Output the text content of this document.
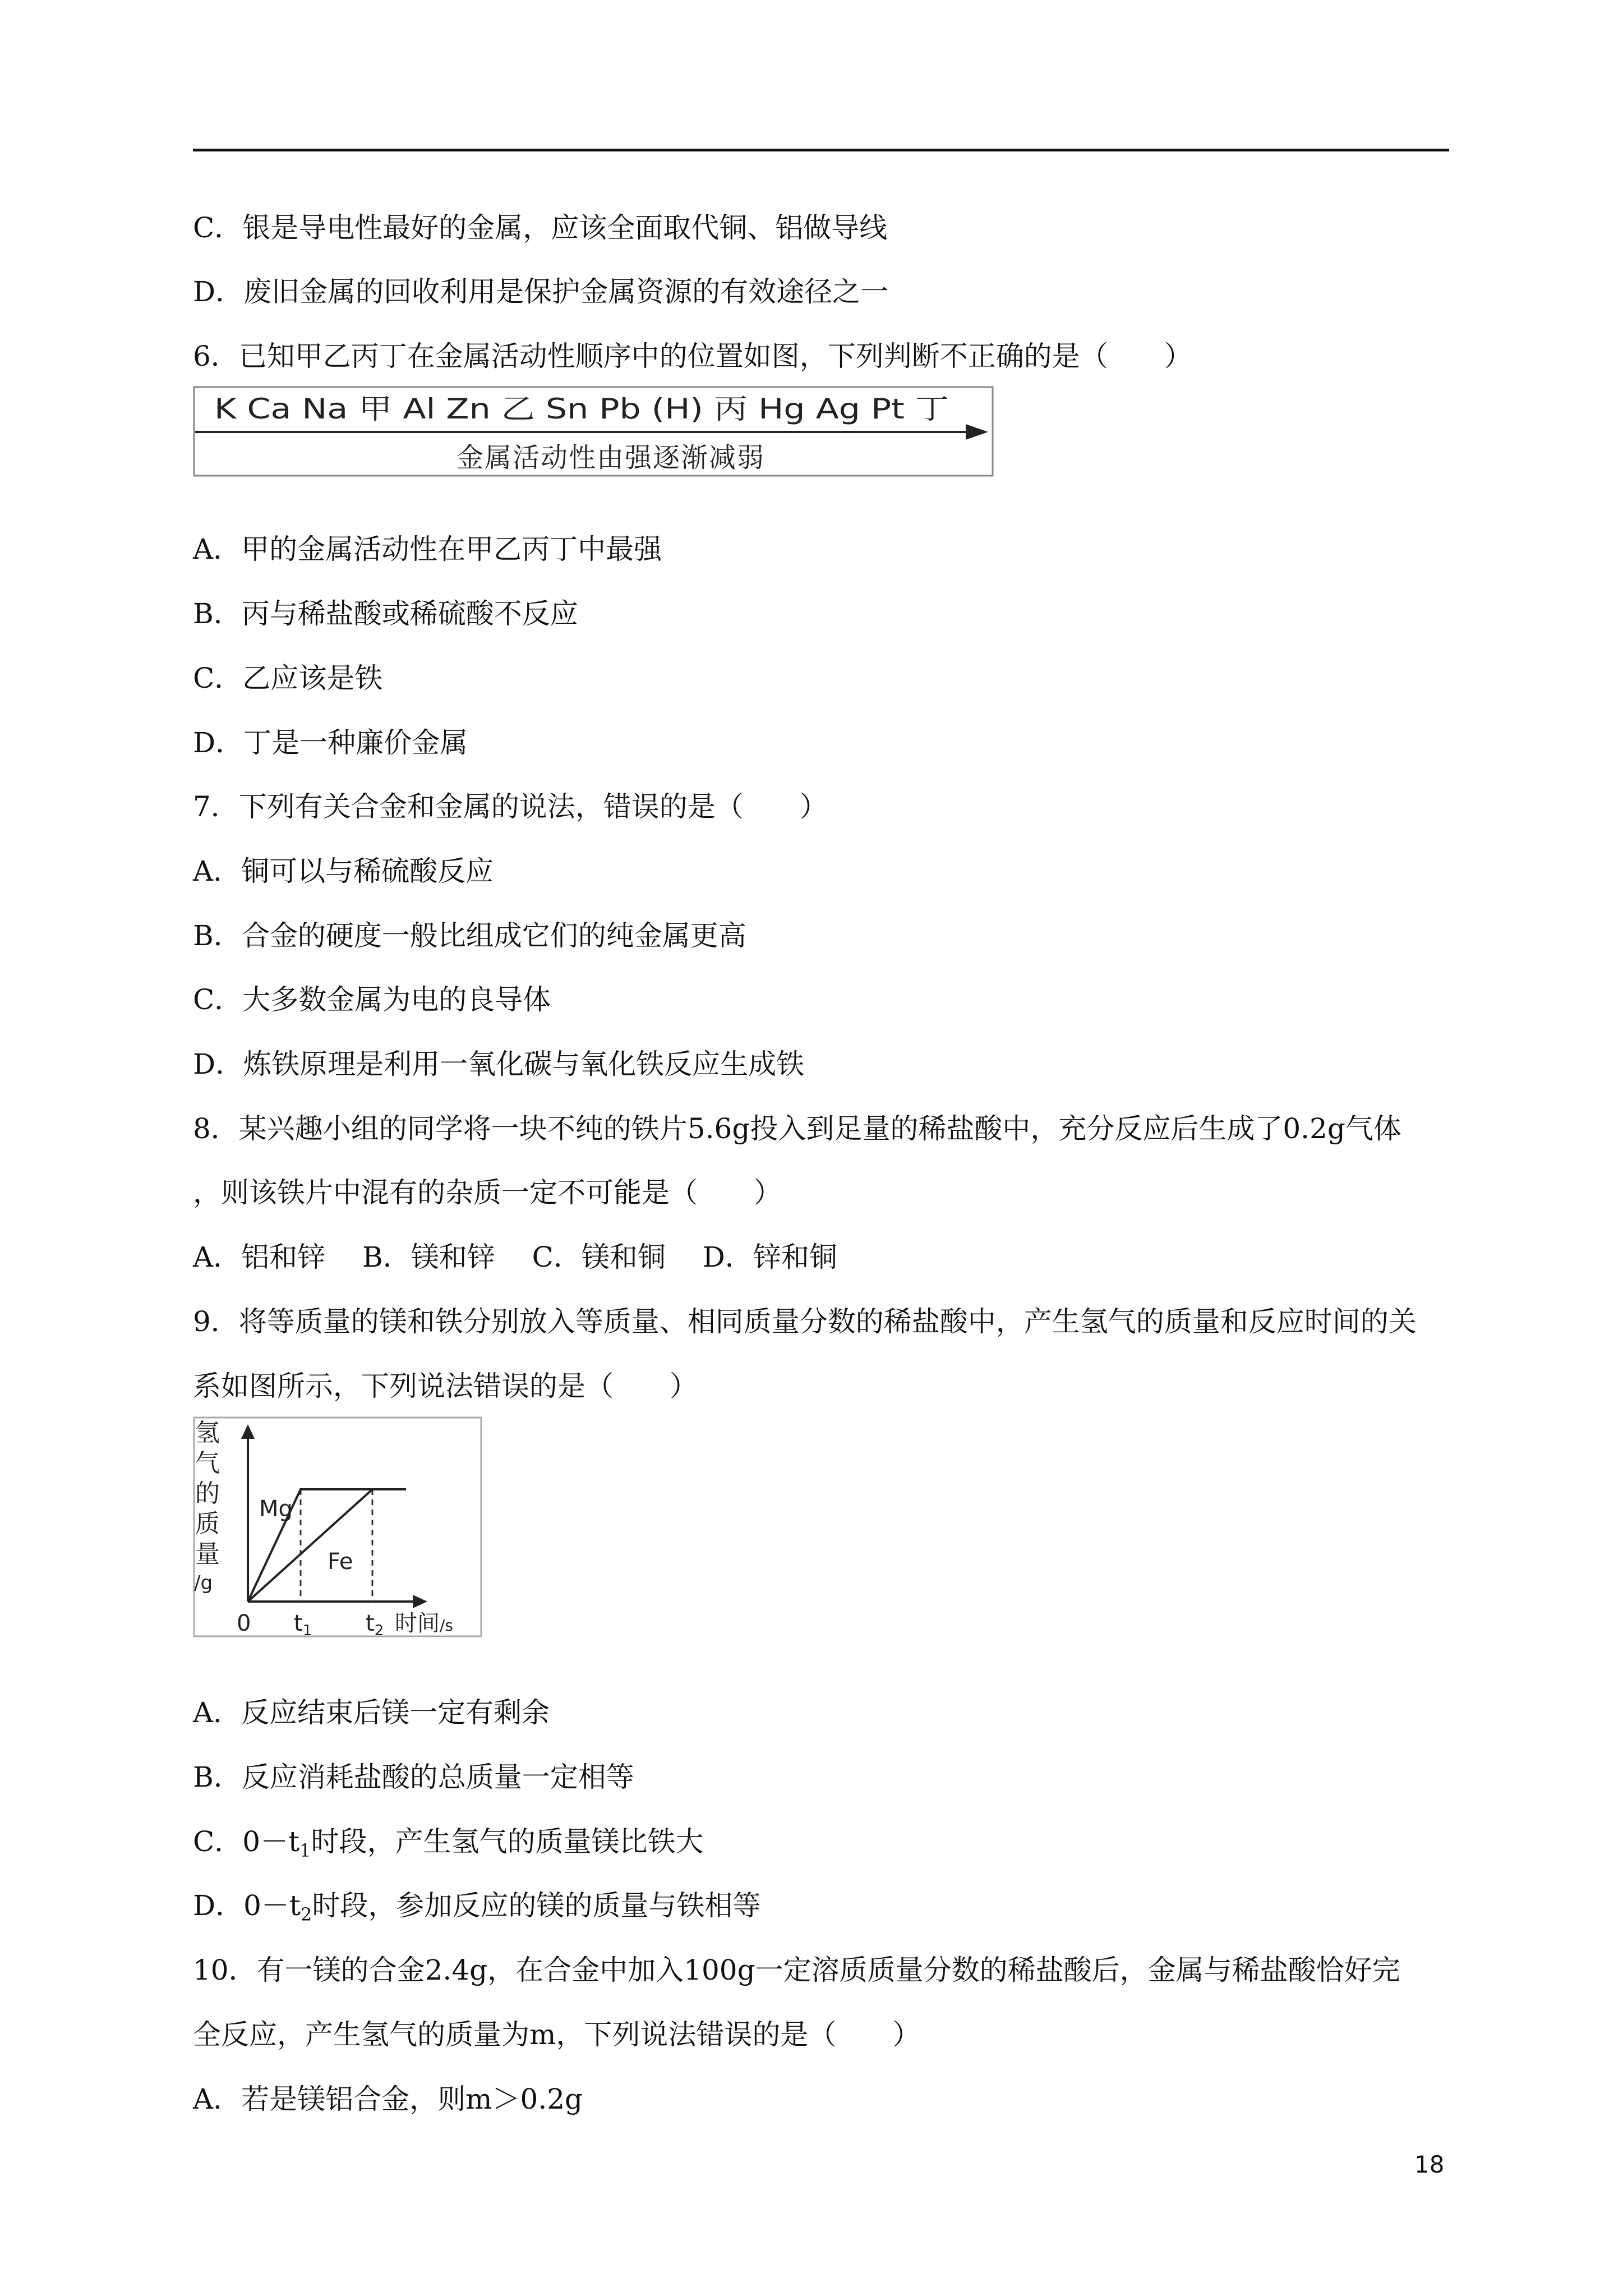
C．银是导电性最好的金属，应该全面取代铜、铝做导线
D．废旧金属的回收利用是保护金属资源的有效途径之一
6．已知甲乙丙丁在金属活动性顺序中的位置如图，下列判断不正确的是（　　）
K Ca Na 甲 Al Zn 乙 Sn Pb (H) 丙 Hg Ag Pt 丁
金属活动性由强逐渐减弱
A．甲的金属活动性在甲乙丙丁中最强
B．丙与稀盐酸或稀硫酸不反应
C．乙应该是铁
D．丁是一种廉价金属
7．下列有关合金和金属的说法，错误的是（　　）
A．铜可以与稀硫酸反应
B．合金的硬度一般比组成它们的纯金属更高
C．大多数金属为电的良导体
D．炼铁原理是利用一氧化碳与氧化铁反应生成铁
8．某兴趣小组的同学将一块不纯的铁片5.6g投入到足量的稀盐酸中，充分反应后生成了0.2g气体
，则该铁片中混有的杂质一定不可能是（　　）
A．铝和锌　 B．镁和锌　 C．镁和铜　 D．锌和铜
9．将等质量的镁和铁分别放入等质量、相同质量分数的稀盐酸中，产生氢气的质量和反应时间的关
系如图所示，下列说法错误的是（　　）
氢
气
的
质
量
/g
Mg
Fe
0 $t_1$ $t_2$ 时间/s
A．反应结束后镁一定有剩余
B．反应消耗盐酸的总质量一定相等
C．$0-t_1$时段，产生氢气的质量镁比铁大
D．$0-t_2$时段，参加反应的镁的质量与铁相等
10．有一镁的合金2.4g，在合金中加入100g一定溶质质量分数的稀盐酸后，金属与稀盐酸恰好完
全反应，产生氢气的质量为m，下列说法错误的是（　　）
A．若是镁铝合金，则m＞0.2g
18
